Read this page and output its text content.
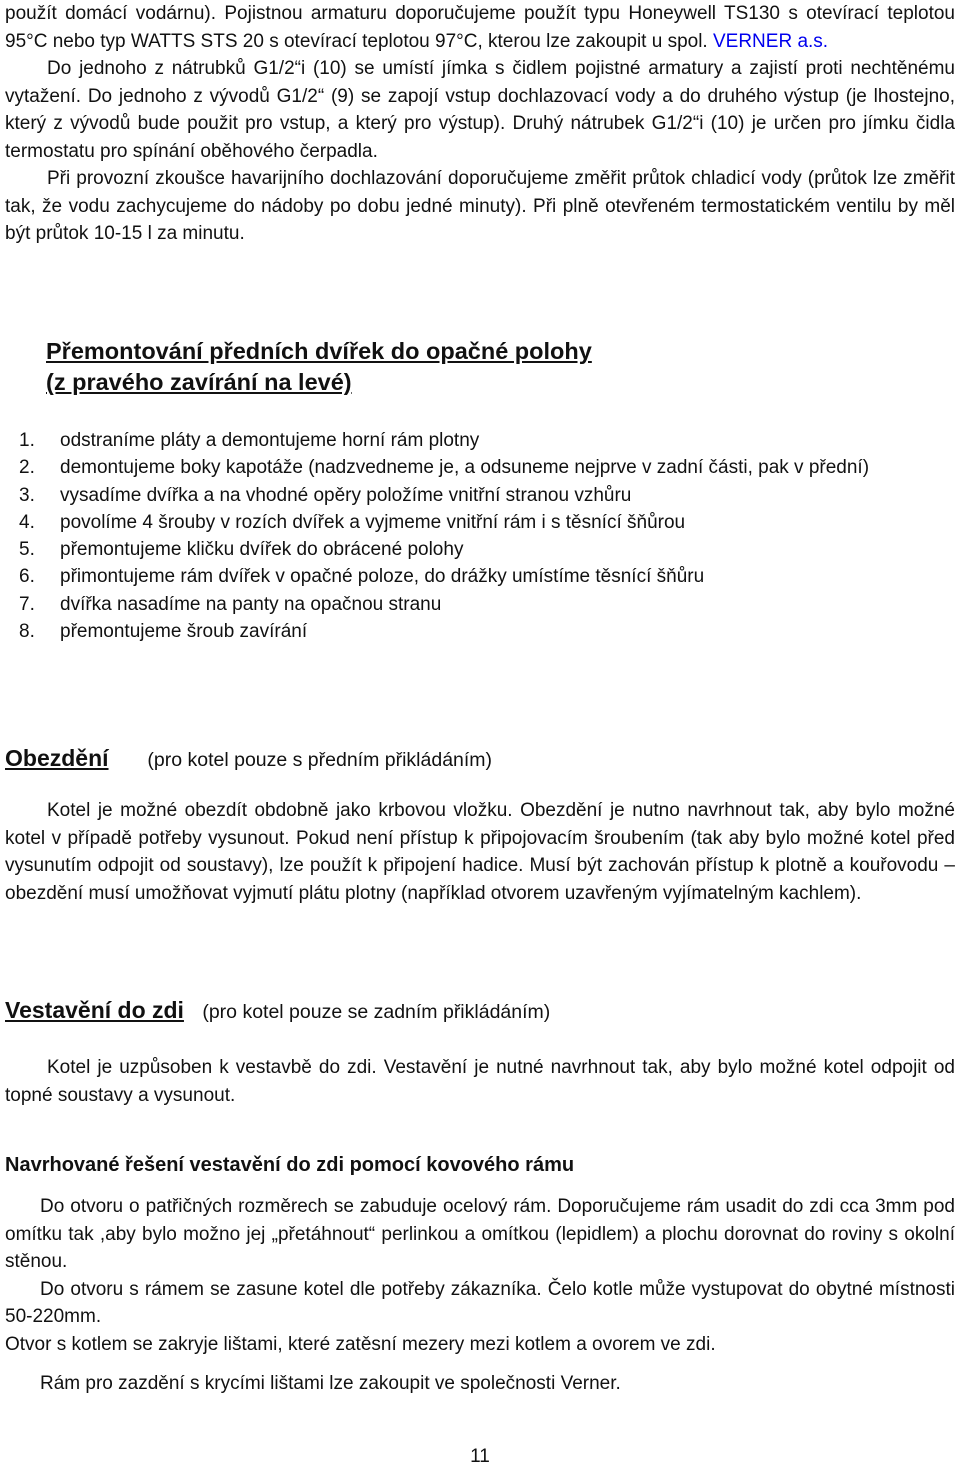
použít domácí vodárnu). Pojistnou armaturu doporučujeme použít typu Honeywell TS130 s otevírací teplotou 95°C nebo typ WATTS STS 20 s otevírací teplotou 97°C, kterou lze zakoupit u spol. VERNER a.s.

Do jednoho z nátrubků G1/2“i (10) se umístí jímka s čidlem pojistné armatury a zajistí proti nechtěnému vytažení. Do jednoho z vývodů G1/2“ (9) se zapojí vstup dochlazovací vody a do druhého výstup (je lhostejno, který z vývodů bude použit pro vstup, a který pro výstup). Druhý nátrubek G1/2“i (10) je určen pro jímku čidla termostatu pro spínání oběhového čerpadla.

Při provozní zkoušce havarijního dochlazování doporučujeme změřit průtok chladicí vody (průtok lze změřit tak, že vodu zachycujeme do nádoby po dobu jedné minuty). Při plně otevřeném termostatickém ventilu by měl být průtok 10-15 l za minutu.

Přemontování předních dvířek do opačné polohy
(z pravého zavírání na levé)
1. odstraníme pláty a demontujeme horní rám plotny
2. demontujeme boky kapotáže (nadzvedneme je, a odsuneme nejprve v zadní části, pak v přední)
3. vysadíme dvířka a na vhodné opěry položíme vnitřní stranou vzhůru
4. povolíme 4 šrouby v rozích dvířek a vyjmeme vnitřní rám i s těsnící šňůrou
5. přemontujeme kličku dvířek do obrácené polohy
6. přimontujeme rám dvířek v opačné poloze, do drážky umístíme těsnící šňůru
7. dvířka nasadíme na panty na opačnou stranu
8. přemontujeme šroub zavírání
Obezdění (pro kotel pouze s předním přikládáním)

Kotel je možné obezdít obdobně jako krbovou vložku. Obezdění je nutno navrhnout tak, aby bylo možné kotel v případě potřeby vysunout. Pokud není přístup k připojovacím šroubením (tak aby bylo možné kotel před vysunutím odpojit od soustavy), lze použít k připojení hadice. Musí být zachován přístup k plotně a kouřovodu – obezdění musí umožňovat vyjmutí plátu plotny (například otvorem uzavřeným vyjímatelným kachlem).

Vestavění do zdi (pro kotel pouze se zadním přikládáním)

Kotel je uzpůsoben k vestavbě do zdi. Vestavění je nutné navrhnout tak, aby bylo možné kotel odpojit od topné soustavy a vysunout.

Navrhované řešení vestavění do zdi pomocí kovového rámu

Do otvoru o patřičných rozměrech se zabuduje ocelový rám. Doporučujeme rám usadit do zdi cca 3mm pod omítku tak ,aby bylo možno jej „přetáhnout“ perlinkou a omítkou (lepidlem) a plochu dorovnat do roviny s okolní stěnou.

Do otvoru s rámem se zasune kotel dle potřeby zákazníka. Čelo kotle může vystupovat do obytné místnosti 50-220mm.

Otvor s kotlem se zakryje lištami, které zatěsní mezery mezi kotlem a ovorem ve zdi.

Rám pro zazdění s krycími lištami lze zakoupit ve společnosti Verner.

11
